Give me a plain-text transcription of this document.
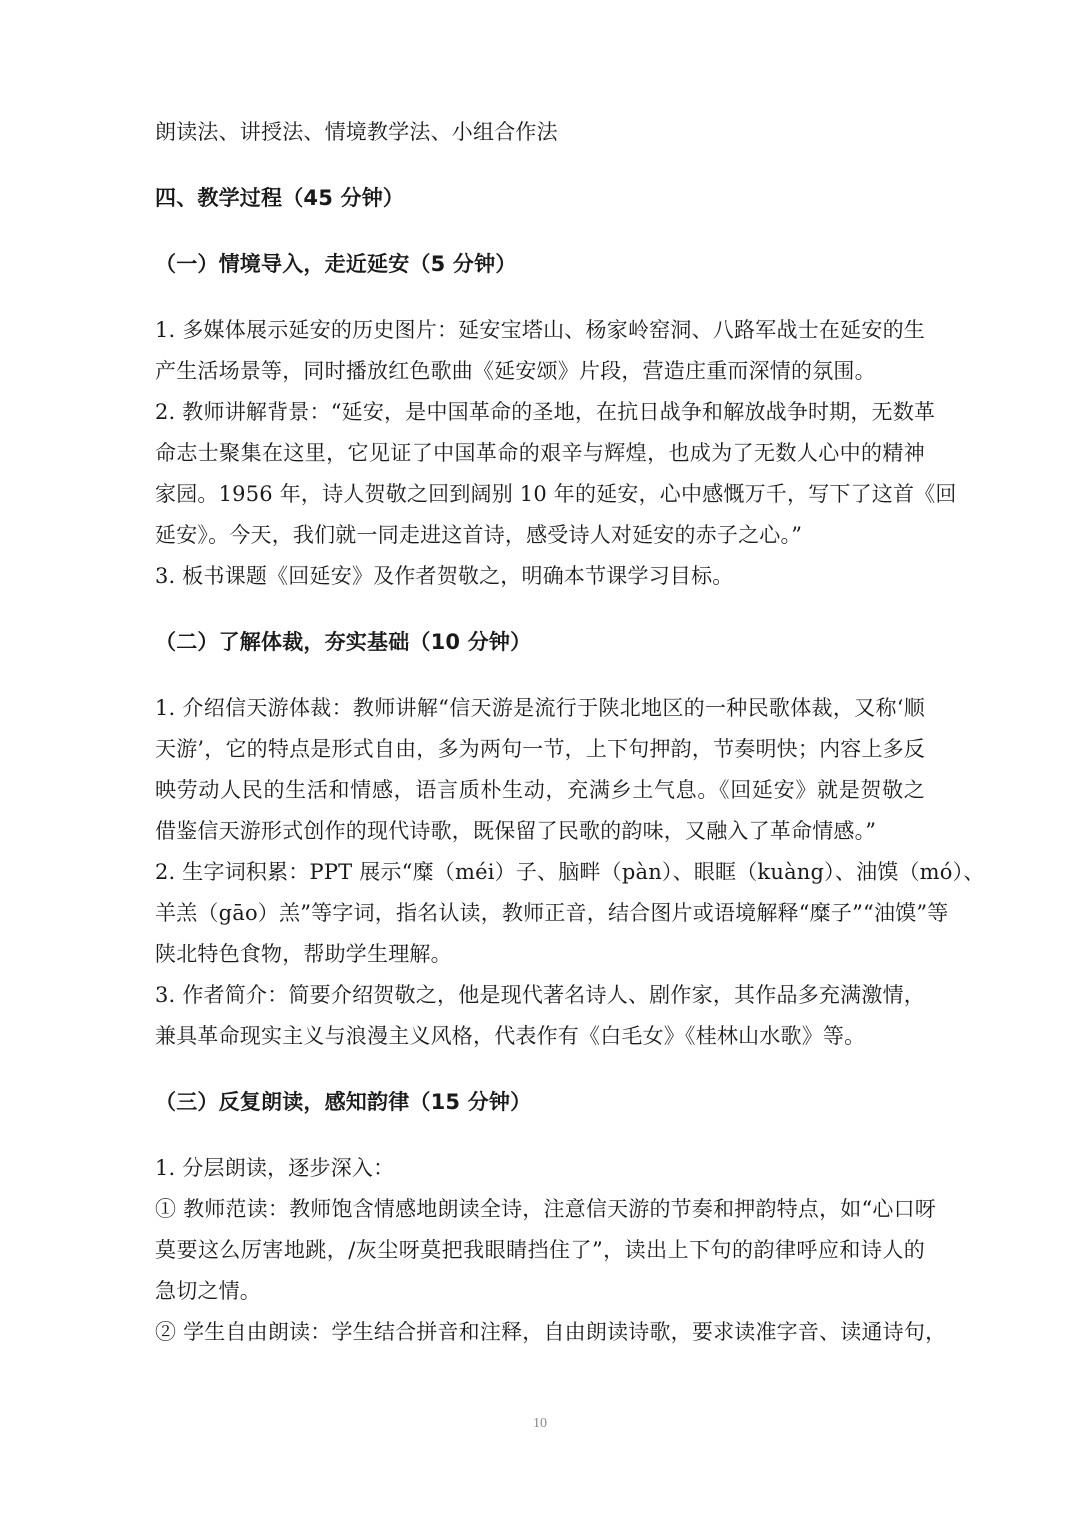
朗读法、讲授法、情境教学法、小组合作法
四、教学过程（45 分钟）
（一）情境导入，走近延安（5 分钟）
1. 多媒体展示延安的历史图片：延安宝塔山、杨家岭窑洞、八路军战士在延安的生
产生活场景等，同时播放红色歌曲《延安颂》片段，营造庄重而深情的氛围。
2. 教师讲解背景：“延安，是中国革命的圣地，在抗日战争和解放战争时期，无数革
命志士聚集在这里，它见证了中国革命的艰辛与辉煌，也成为了无数人心中的精神
家园。1956 年，诗人贺敬之回到阔别 10 年的延安，心中感慨万千，写下了这首《回
延安》。今天，我们就一同走进这首诗，感受诗人对延安的赤子之心。”
3. 板书课题《回延安》及作者贺敬之，明确本节课学习目标。
（二）了解体裁，夯实基础（10 分钟）
1. 介绍信天游体裁：教师讲解“信天游是流行于陕北地区的一种民歌体裁，又称‘顺
天游’，它的特点是形式自由，多为两句一节，上下句押韵，节奏明快；内容上多反
映劳动人民的生活和情感，语言质朴生动，充满乡土气息。《回延安》就是贺敬之
借鉴信天游形式创作的现代诗歌，既保留了民歌的韵味，又融入了革命情感。”
2. 生字词积累：PPT 展示“糜（méi）子、脑畔（pàn）、眼眶（kuàng）、油馍（mó）、
羊羔（gāo）羔”等字词，指名认读，教师正音，结合图片或语境解释“糜子”“油馍”等
陕北特色食物，帮助学生理解。
3. 作者简介：简要介绍贺敬之，他是现代著名诗人、剧作家，其作品多充满激情，
兼具革命现实主义与浪漫主义风格，代表作有《白毛女》《桂林山水歌》等。
（三）反复朗读，感知韵律（15 分钟）
1. 分层朗读，逐步深入：
① 教师范读：教师饱含情感地朗读全诗，注意信天游的节奏和押韵特点，如“心口呀
莫要这么厉害地跳，/灰尘呀莫把我眼睛挡住了”，读出上下句的韵律呼应和诗人的
急切之情。
② 学生自由朗读：学生结合拼音和注释，自由朗读诗歌，要求读准字音、读通诗句，
10
